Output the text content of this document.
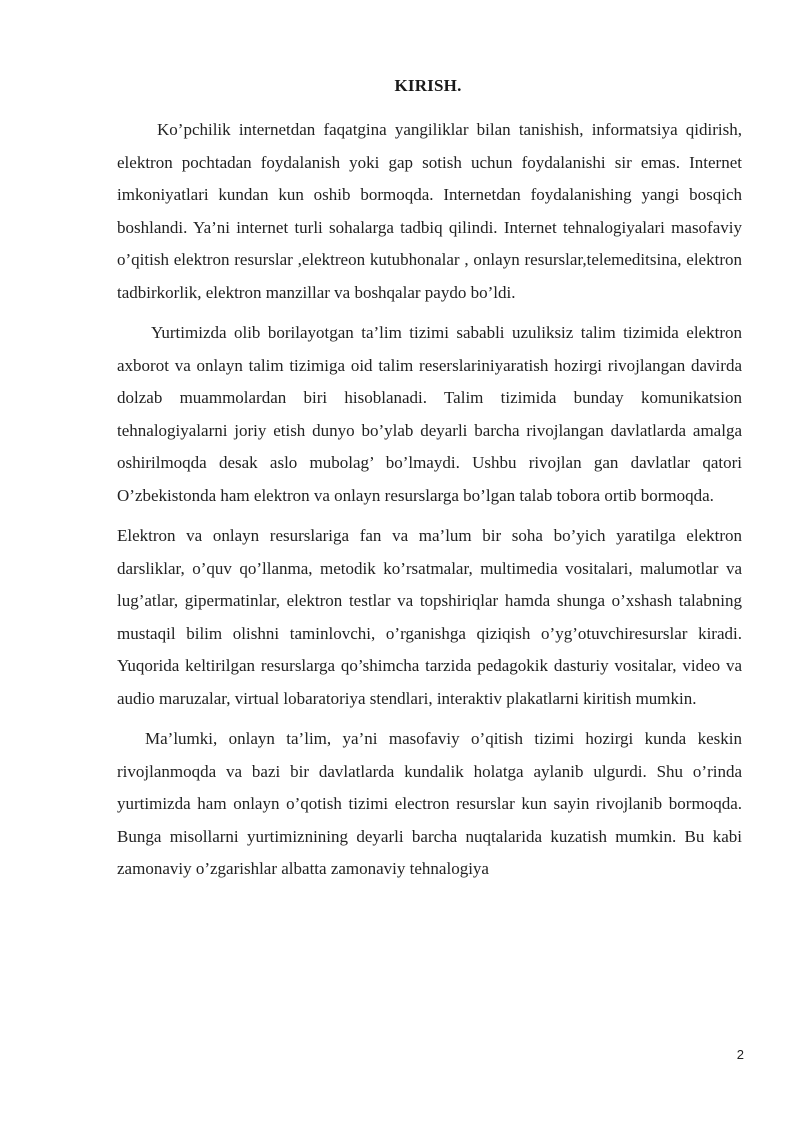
KIRISH.

Ko’pchilik internetdan faqatgina yangiliklar bilan tanishish, informatsiya qidirish, elektron pochtadan foydalanish yoki gap sotish uchun foydalanishi sir emas. Internet imkoniyatlari kundan kun oshib bormoqda. Internetdan foydalanishing yangi bosqich boshlandi. Ya’ni internet turli sohalarga tadbiq qilindi. Internet tehnalogiyalari masofaviy o’qitish elektron resurslar ,elektreon kutubhonalar , onlayn resurslar,telemeditsina, elektron tadbirkorlik, elektron manzillar va boshqalar paydo bo’ldi.

Yurtimizda olib borilayotgan ta’lim tizimi sababli uzuliksiz talim tizimida elektron axborot va onlayn talim tizimiga oid talim reserslariniyaratish hozirgi rivojlangan davirda dolzab muammolardan biri hisoblanadi. Talim tizimida bunday komunikatsion tehnalogiyalarni joriy etish dunyo bo’ylab deyarli barcha rivojlangan davlatlarda amalga oshirilmoqda desak aslo mubolag’ bo’lmaydi. Ushbu rivojlan gan davlatlar qatori O’zbekistonda ham elektron va onlayn resurslarga bo’lgan talab tobora ortib bormoqda.

Elektron va onlayn resurslariga fan va ma’lum bir soha bo’yich yaratilga elektron darsliklar, o’quv qo’llanma, metodik ko’rsatmalar, multimedia vositalari, malumotlar va lug’atlar, gipermatinlar, elektron testlar va topshiriqlar hamda shunga o’xshash talabning mustaqil bilim olishni taminlovchi, o’rganishga qiziqish o’yg’otuvchiresurslar kiradi. Yuqorida keltirilgan resurslarga qo’shimcha tarzida pedagokik dasturiy vositalar, video va audio maruzalar, virtual lobaratoriya stendlari, interaktiv plakatlarni kiritish mumkin.

Ma’lumki, onlayn ta’lim, ya’ni masofaviy o’qitish tizimi hozirgi kunda keskin rivojlanmoqda va bazi bir davlatlarda kundalik holatga aylanib ulgurdi. Shu o’rinda yurtimizda ham onlayn o’qotish tizimi electron resurslar kun sayin rivojlanib bormoqda. Bunga misollarni yurtimiznining deyarli barcha nuqtalarida kuzatish mumkin. Bu kabi zamonaviy o’zgarishlar albatta zamonaviy tehnalogiya

2
